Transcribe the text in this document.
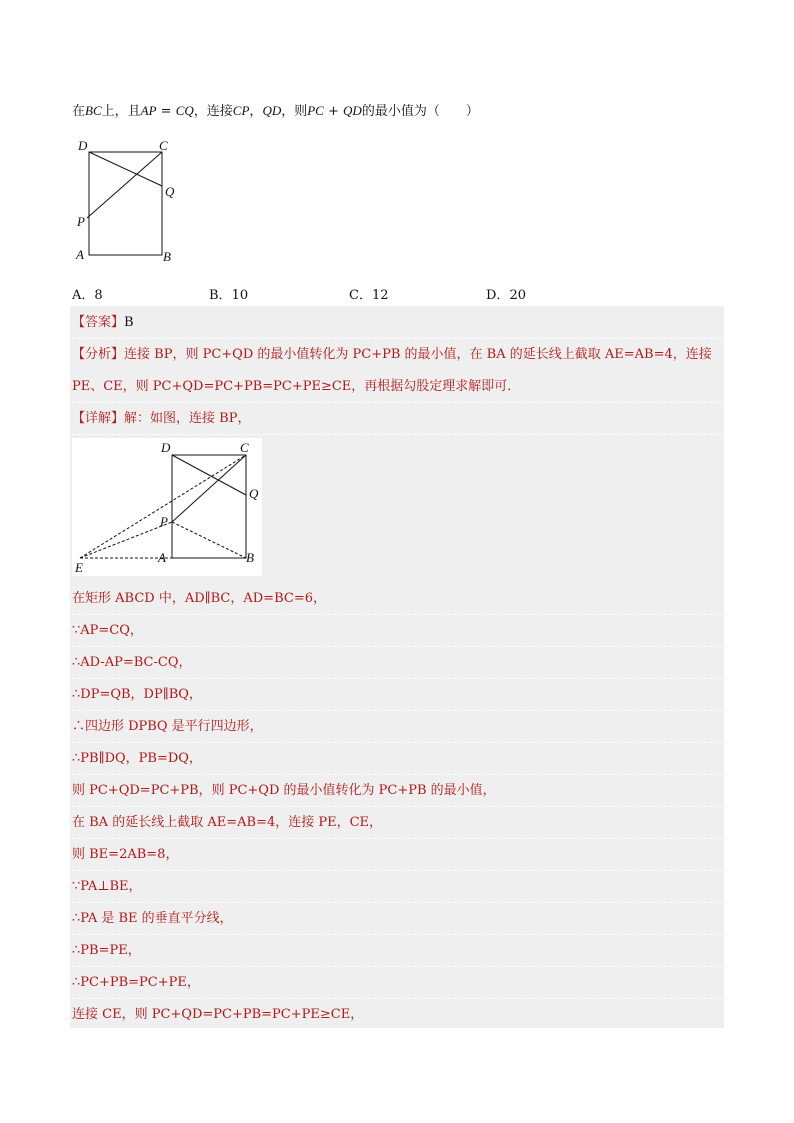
在BC上，且AP = CQ，连接CP，QD，则PC + QD的最小值为（　　）
D	C
Q
P
A	B
A．8	B．10	C．12	D．20
【答案】B
【分析】连接 BP，则 PC+QD 的最小值转化为 PC+PB 的最小值，在 BA 的延长线上截取 AE=AB=4，连接
PE、CE，则 PC+QD=PC+PB=PC+PE≥CE，再根据勾股定理求解即可．
【详解】解：如图，连接 BP，
D	C
Q
P
A	B
E
在矩形 ABCD 中，AD∥BC，AD=BC=6，
∵AP=CQ，
∴AD-AP=BC-CQ，
∴DP=QB，DP∥BQ，
∴四边形 DPBQ 是平行四边形，
∴PB∥DQ，PB=DQ，
则 PC+QD=PC+PB，则 PC+QD 的最小值转化为 PC+PB 的最小值，
在 BA 的延长线上截取 AE=AB=4，连接 PE，CE，
则 BE=2AB=8，
∵PA⊥BE，
∴PA 是 BE 的垂直平分线，
∴PB=PE，
∴PC+PB=PC+PE，
连接 CE，则 PC+QD=PC+PB=PC+PE≥CE，
